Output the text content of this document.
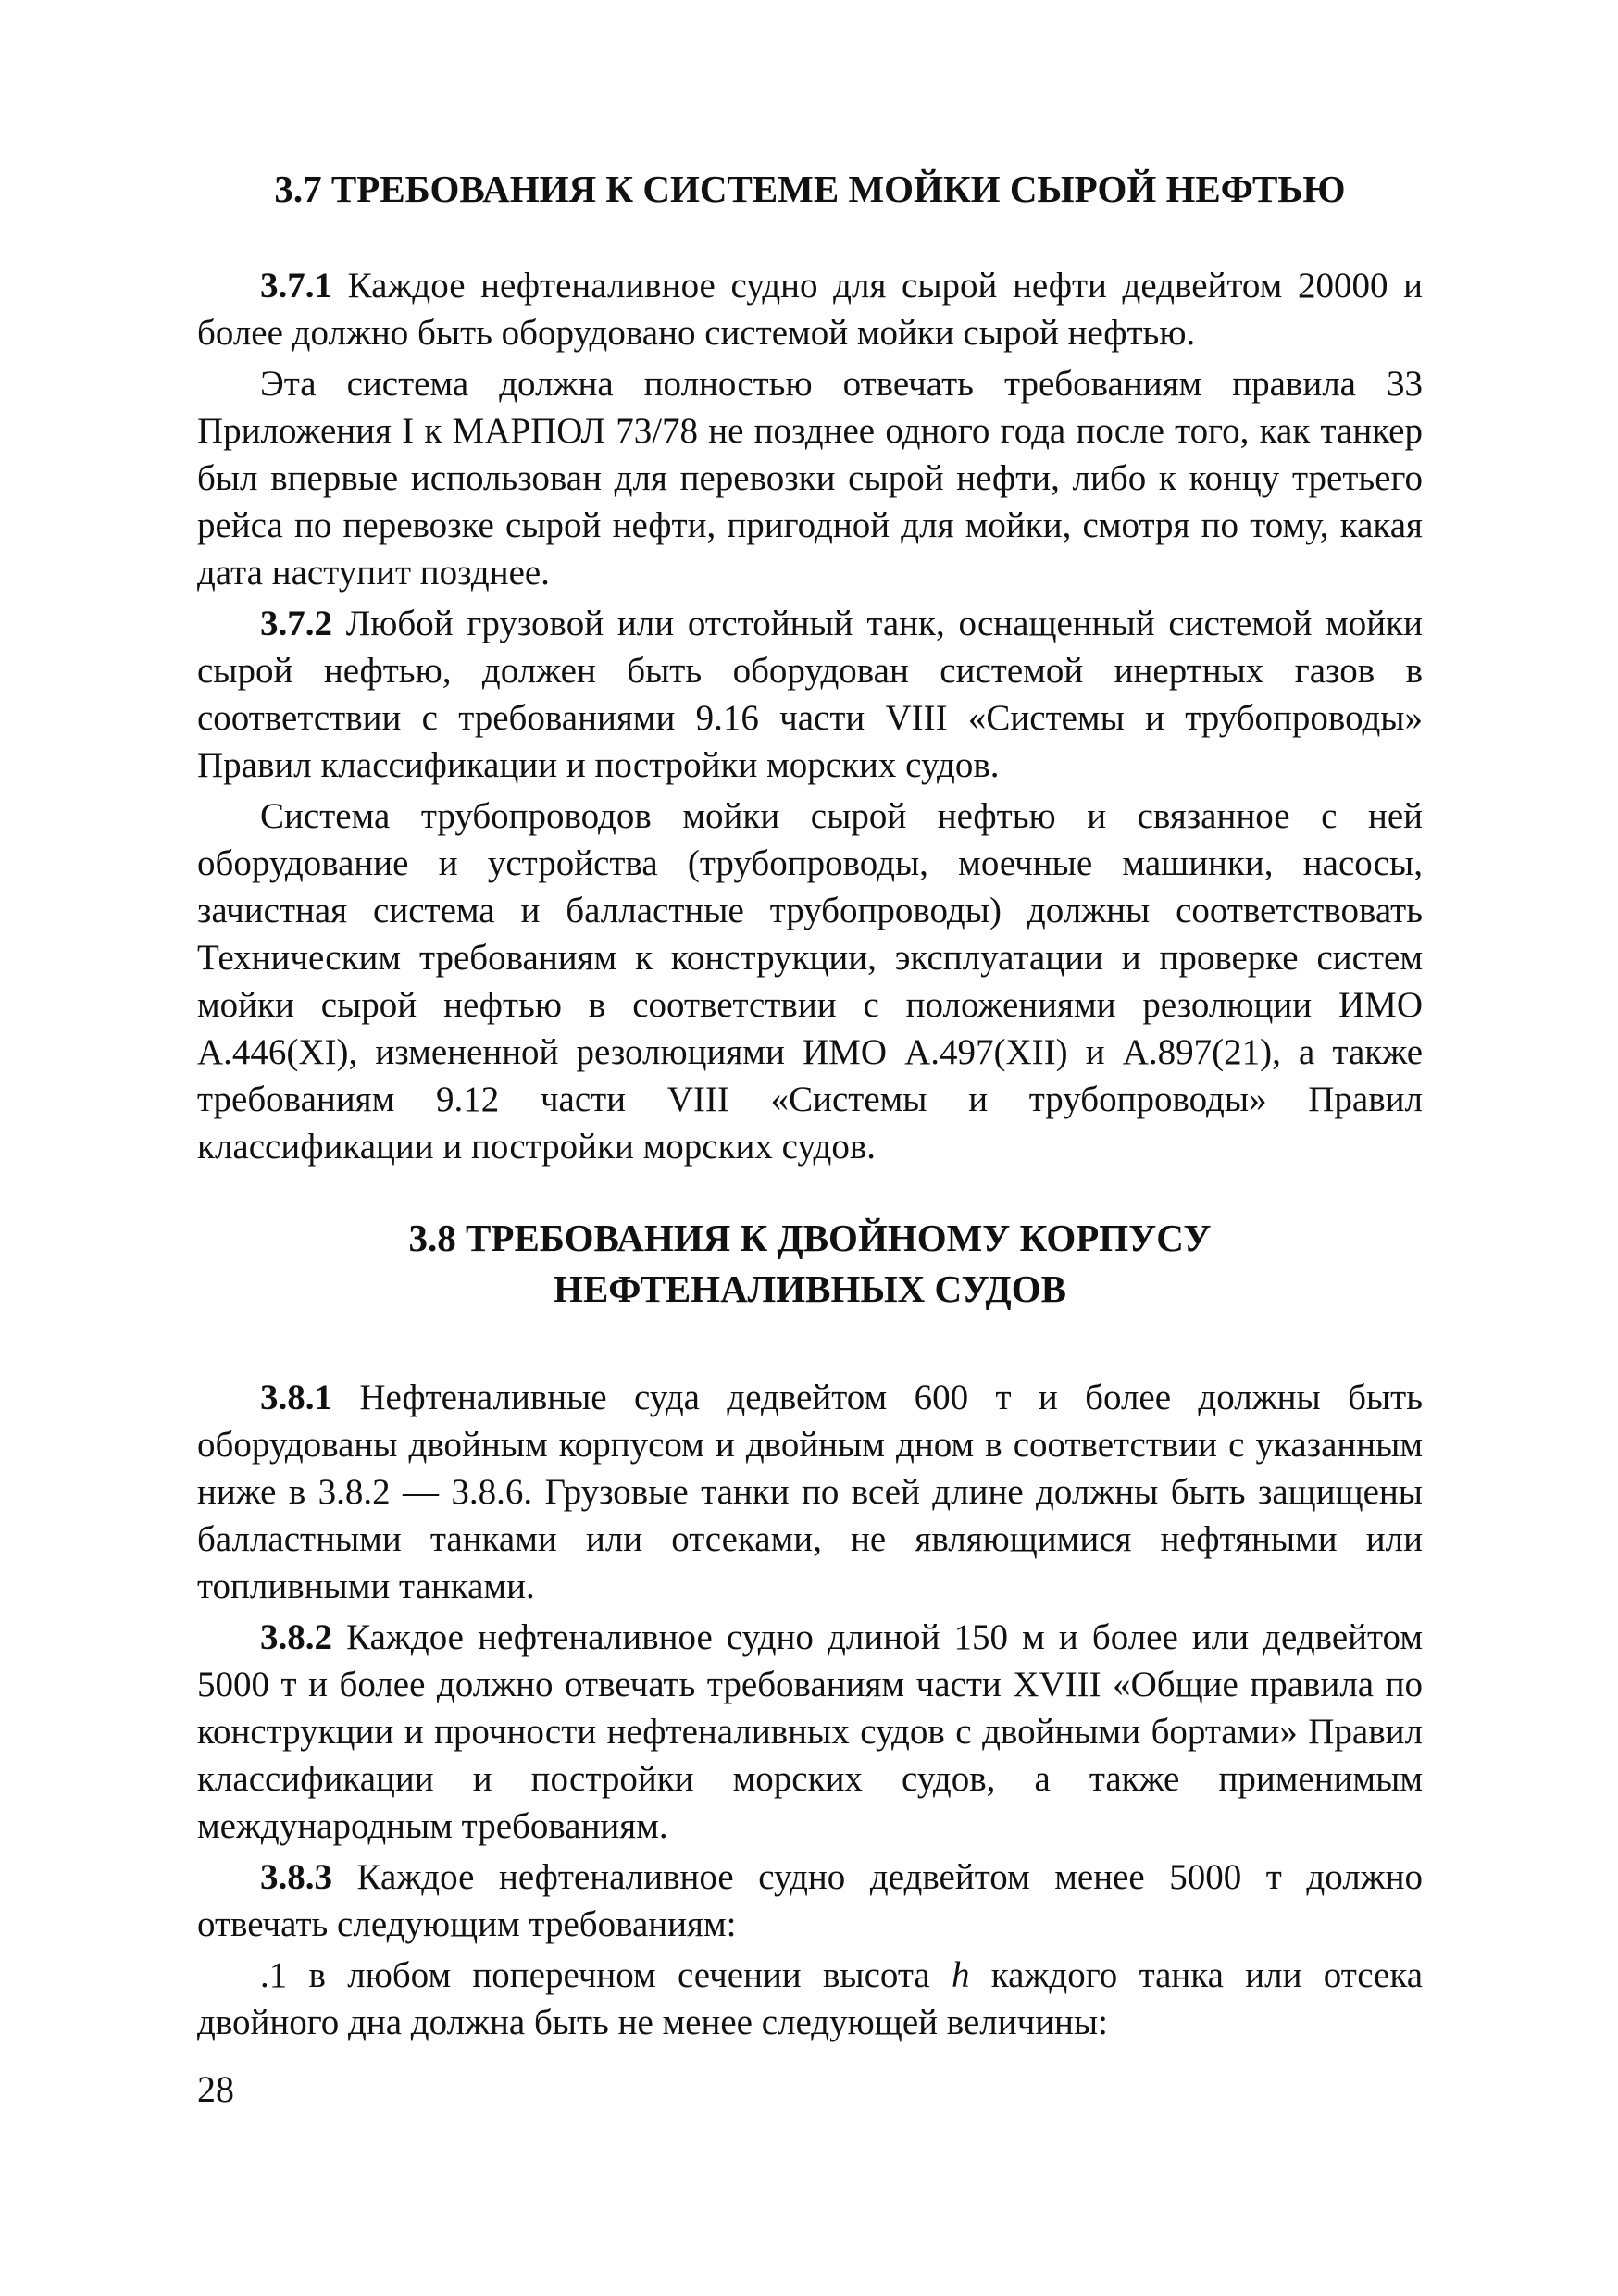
3.7 ТРЕБОВАНИЯ К СИСТЕМЕ МОЙКИ СЫРОЙ НЕФТЬЮ

3.7.1 Каждое нефтеналивное судно для сырой нефти дедвейтом 20000 и более должно быть оборудовано системой мойки сырой нефтью.

Эта система должна полностью отвечать требованиям правила 33 Приложения I к МАРПОЛ 73/78 не позднее одного года после того, как танкер был впервые использован для перевозки сырой нефти, либо к концу третьего рейса по перевозке сырой нефти, пригодной для мойки, смотря по тому, какая дата наступит позднее.

3.7.2 Любой грузовой или отстойный танк, оснащенный системой мойки сырой нефтью, должен быть оборудован системой инертных газов в соответствии с требованиями 9.16 части VIII «Системы и трубопроводы» Правил классификации и постройки морских судов.

Система трубопроводов мойки сырой нефтью и связанное с ней оборудование и устройства (трубопроводы, моечные машинки, насосы, зачистная система и балластные трубопроводы) должны соответствовать Техническим требованиям к конструкции, эксплуатации и проверке систем мойки сырой нефтью в соответствии с положениями резолюции ИМО А.446(XI), измененной резолюциями ИМО А.497(XII) и А.897(21), а также требованиям 9.12 части VIII «Системы и трубопроводы» Правил классификации и постройки морских судов.

3.8 ТРЕБОВАНИЯ К ДВОЙНОМУ КОРПУСУ
НЕФТЕНАЛИВНЫХ СУДОВ

3.8.1 Нефтеналивные суда дедвейтом 600 т и более должны быть оборудованы двойным корпусом и двойным дном в соответствии с указанным ниже в 3.8.2 — 3.8.6. Грузовые танки по всей длине должны быть защищены балластными танками или отсеками, не являющимися нефтяными или топливными танками.

3.8.2 Каждое нефтеналивное судно длиной 150 м и более или дедвейтом 5000 т и более должно отвечать требованиям части XVIII «Общие правила по конструкции и прочности нефтеналивных судов с двойными бортами» Правил классификации и постройки морских судов, а также применимым международным требованиям.

3.8.3 Каждое нефтеналивное судно дедвейтом менее 5000 т должно отвечать следующим требованиям:

.1 в любом поперечном сечении высота h каждого танка или отсека двойного дна должна быть не менее следующей величины:

28
